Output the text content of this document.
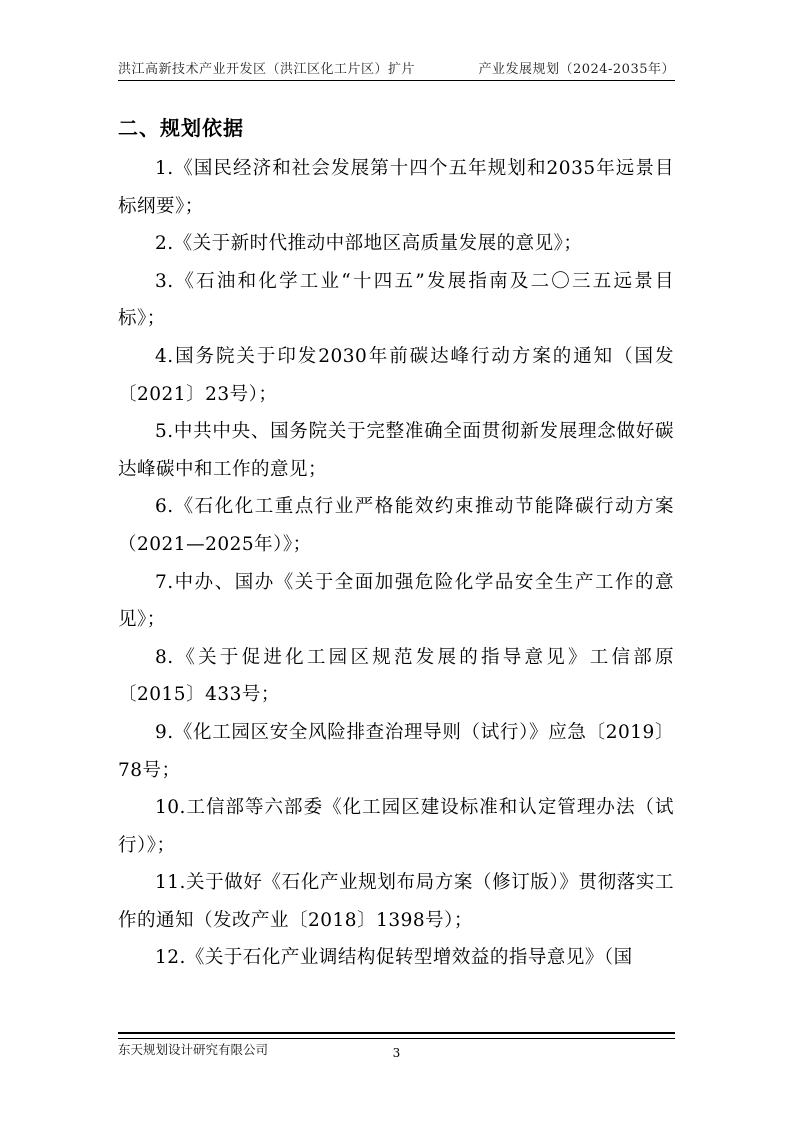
洪江高新技术产业开发区（洪江区化工片区）扩片	产业发展规划（2024-2035年）
二、规划依据

1.《国民经济和社会发展第十四个五年规划和2035年远景目标纲要》；

2.《关于新时代推动中部地区高质量发展的意见》；

3.《石油和化学工业“十四五”发展指南及二〇三五远景目标》；

4.国务院关于印发2030年前碳达峰行动方案的通知（国发〔2021〕23号）；

5.中共中央、国务院关于完整准确全面贯彻新发展理念做好碳达峰碳中和工作的意见；

6.《石化化工重点行业严格能效约束推动节能降碳行动方案（2021—2025年）》；

7.中办、国办《关于全面加强危险化学品安全生产工作的意见》；

8.《关于促进化工园区规范发展的指导意见》工信部原〔2015〕433号；

9.《化工园区安全风险排查治理导则（试行）》应急〔2019〕78号；

10.工信部等六部委《化工园区建设标准和认定管理办法（试行）》；

11.关于做好《石化产业规划布局方案（修订版）》贯彻落实工作的通知（发改产业〔2018〕1398号）；

12.《关于石化产业调结构促转型增效益的指导意见》（国

东天规划设计研究有限公司	3
